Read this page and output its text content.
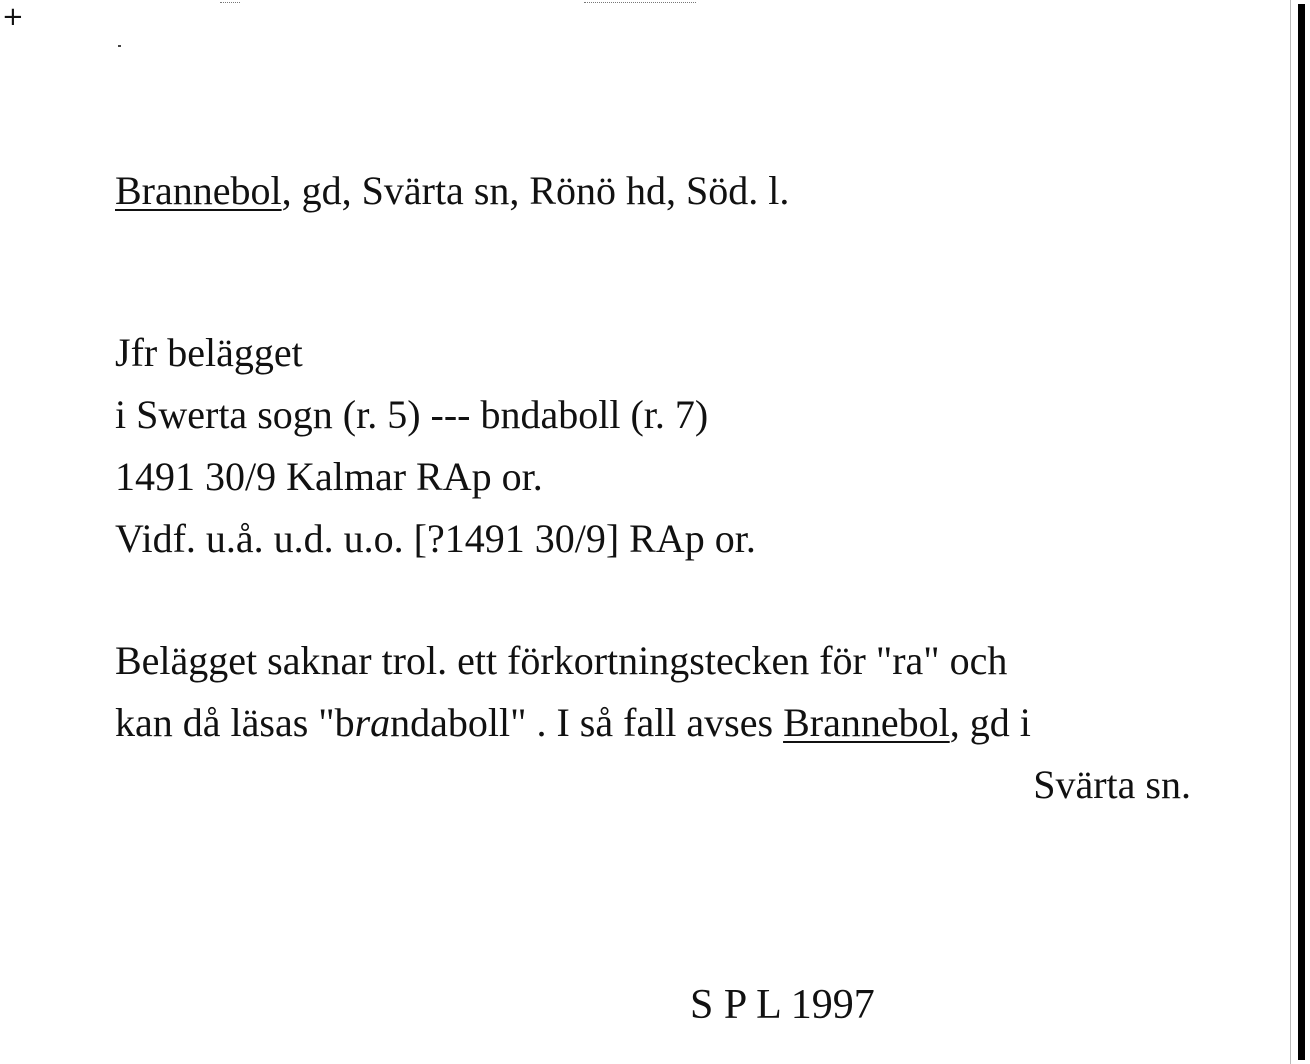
+
Brannebol, gd, Svärta sn, Rönö hd, Söd. l.
Jfr belägget
i Swerta sogn (r. 5) --- bndaboll (r. 7)
1491 30/9 Kalmar RAp or.
Vidf. u.å. u.d. u.o. [?1491 30/9] RAp or.
Belägget saknar trol. ett förkortningstecken för "ra" och
kan då läsas "brandaboll" . I så fall avses Brannebol, gd i
Svärta sn.
S P L 1997
